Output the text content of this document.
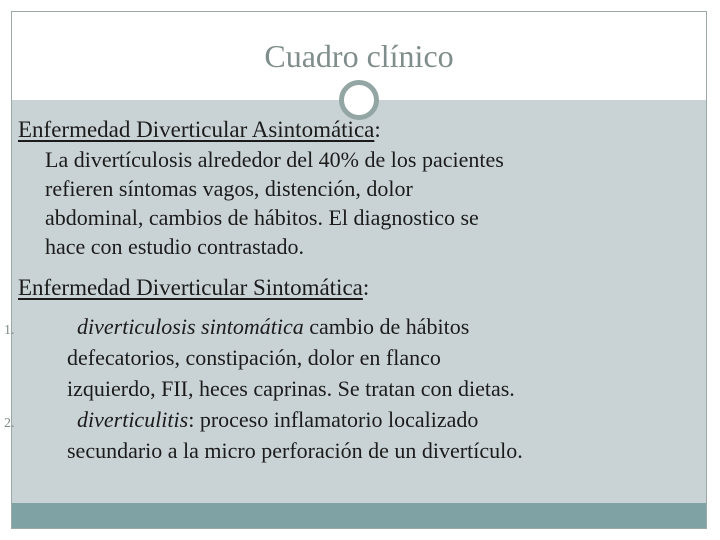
Cuadro clínico
Enfermedad Diverticular Asintomática:
La divertículosis alrededor del 40% de los pacientes
refieren síntomas vagos, distención, dolor
abdominal, cambios de hábitos. El diagnostico se
hace con estudio contrastado.
Enfermedad Diverticular Sintomática:
1.	diverticulosis sintomática cambio de hábitos
defecatorios, constipación, dolor en flanco
izquierdo, FII, heces caprinas. Se tratan con dietas.
2.	diverticulitis: proceso inflamatorio localizado
secundario a la micro perforación de un divertículo.
